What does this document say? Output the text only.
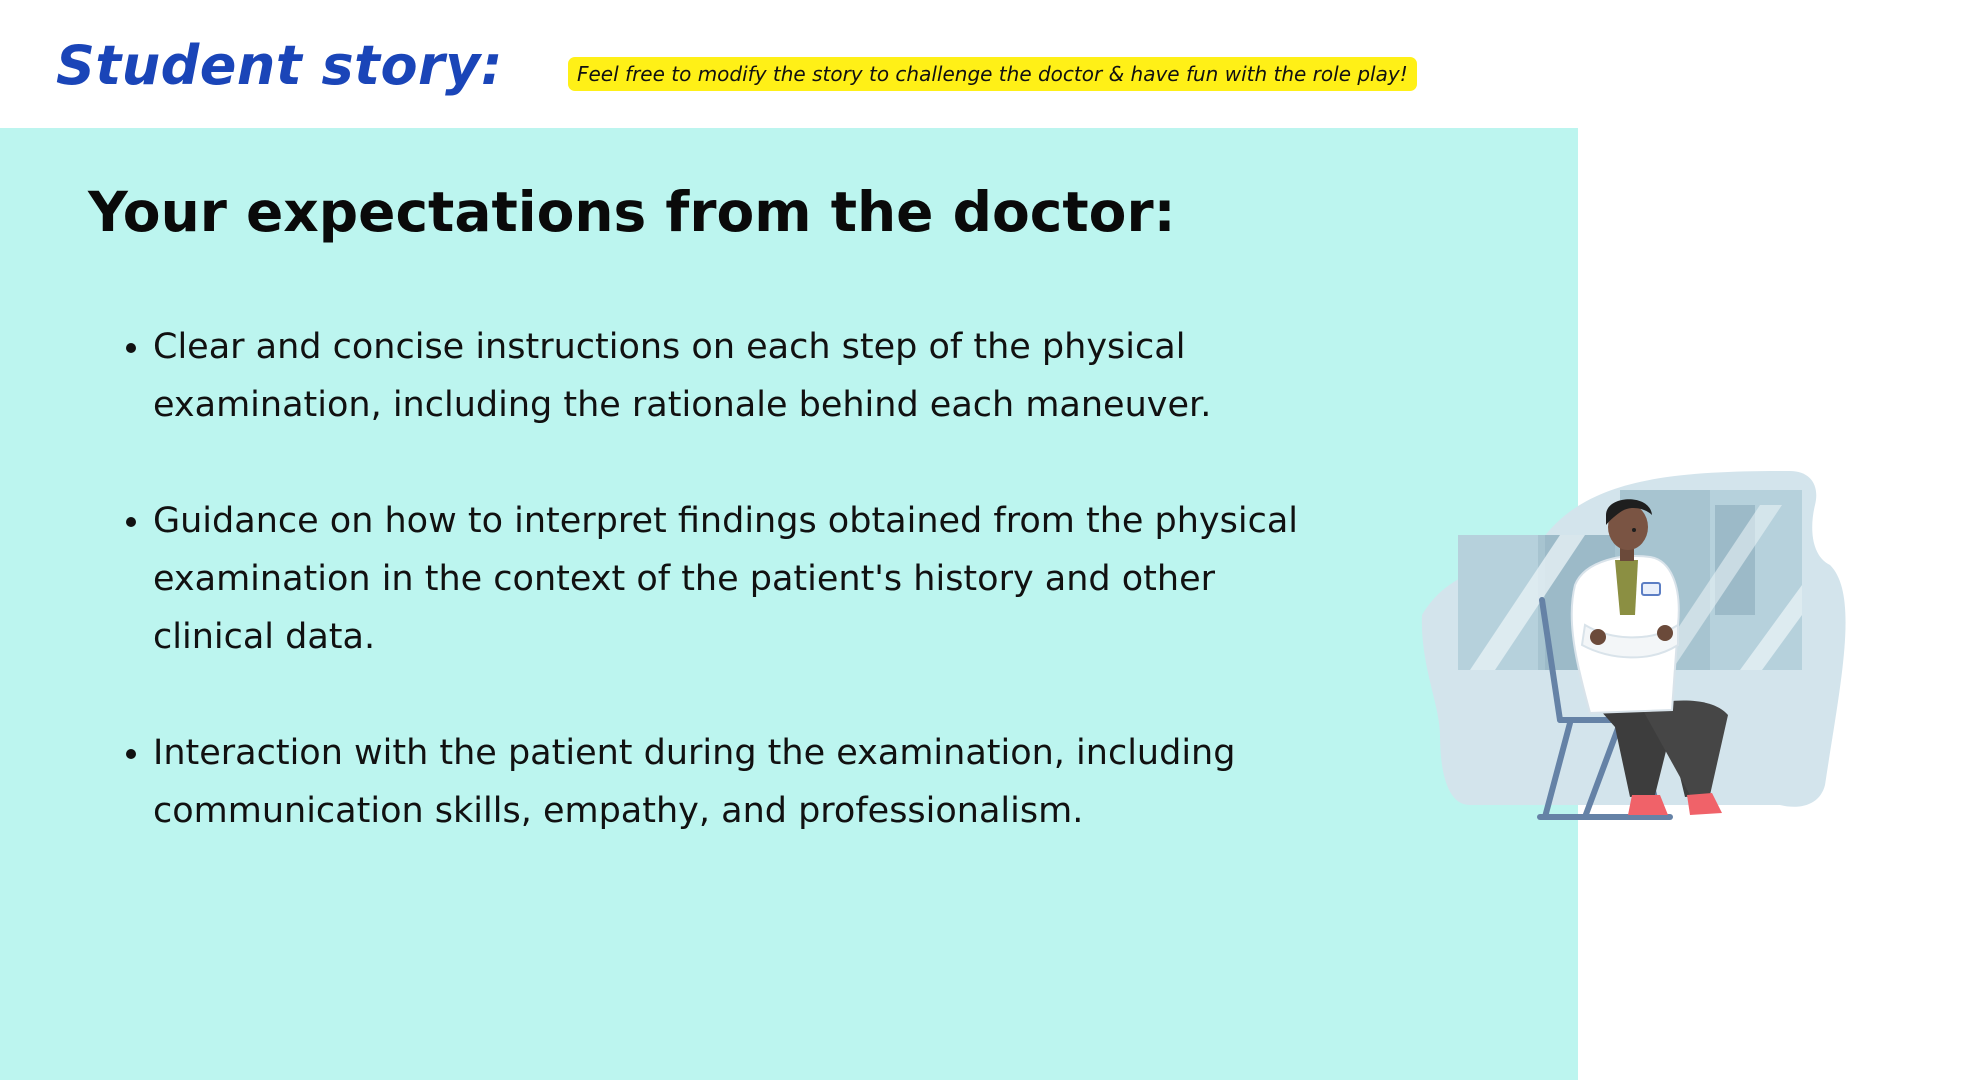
Student story:	Feel free to modify the story to challenge the doctor & have fun with the role play!
Your expectations from the doctor:
• Clear and concise instructions on each step of the physical examination, including the rationale behind each maneuver.
• Guidance on how to interpret findings obtained from the physical examination in the context of the patient's history and other clinical data.
• Interaction with the patient during the examination, including communication skills, empathy, and professionalism.
